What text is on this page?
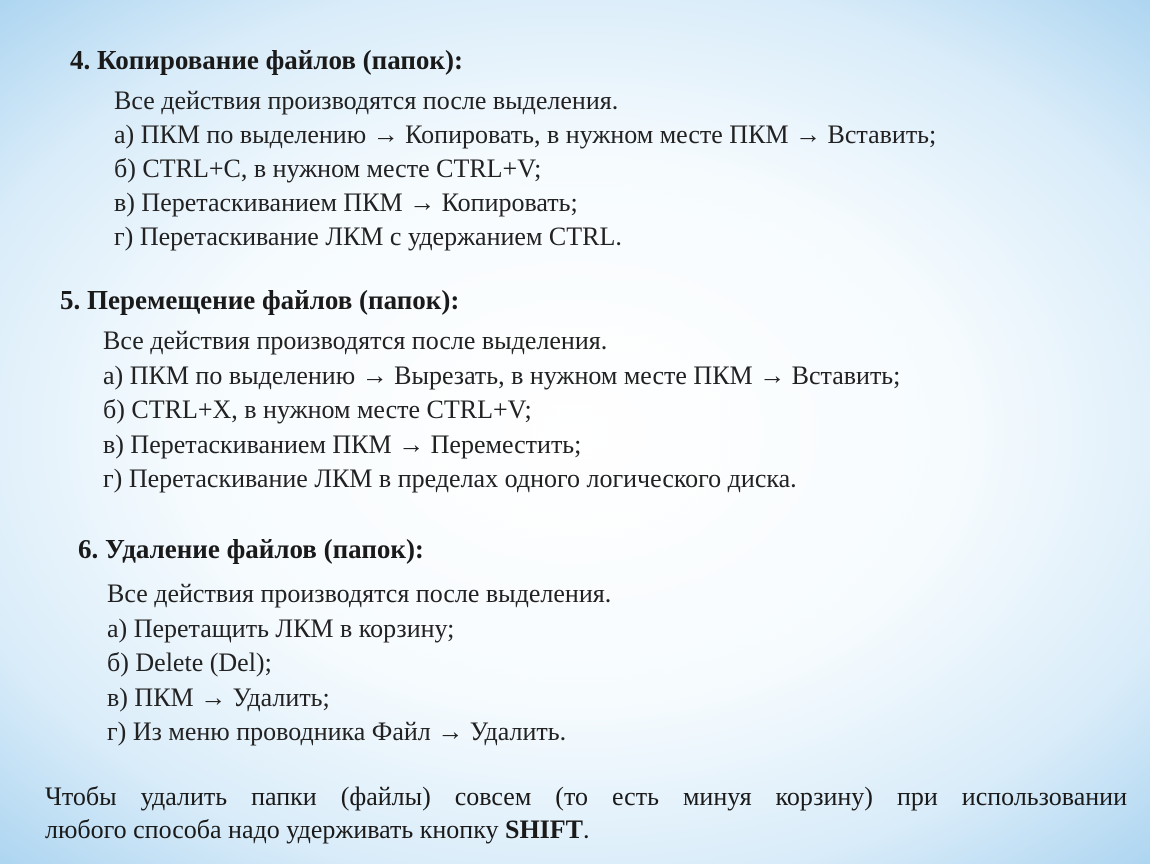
4. Копирование файлов (папок):
Все действия производятся после выделения.
а) ПКМ по выделению → Копировать, в нужном месте ПКМ → Вставить;
б) CTRL+C, в нужном месте CTRL+V;
в) Перетаскиванием ПКМ → Копировать;
г) Перетаскивание ЛКМ с удержанием CTRL.
5. Перемещение файлов (папок):
Все действия производятся после выделения.
а) ПКМ по выделению → Вырезать, в нужном месте ПКМ → Вставить;
б) CTRL+X, в нужном месте CTRL+V;
в) Перетаскиванием ПКМ → Переместить;
г) Перетаскивание ЛКМ в пределах одного логического диска.
6. Удаление файлов (папок):
Все действия производятся после выделения.
а) Перетащить ЛКМ в корзину;
б) Delete (Del);
в) ПКМ → Удалить;
г) Из меню проводника Файл → Удалить.
Чтобы удалить папки (файлы) совсем (то есть минуя корзину) при использовании
любого способа надо удерживать кнопку SHIFT.
